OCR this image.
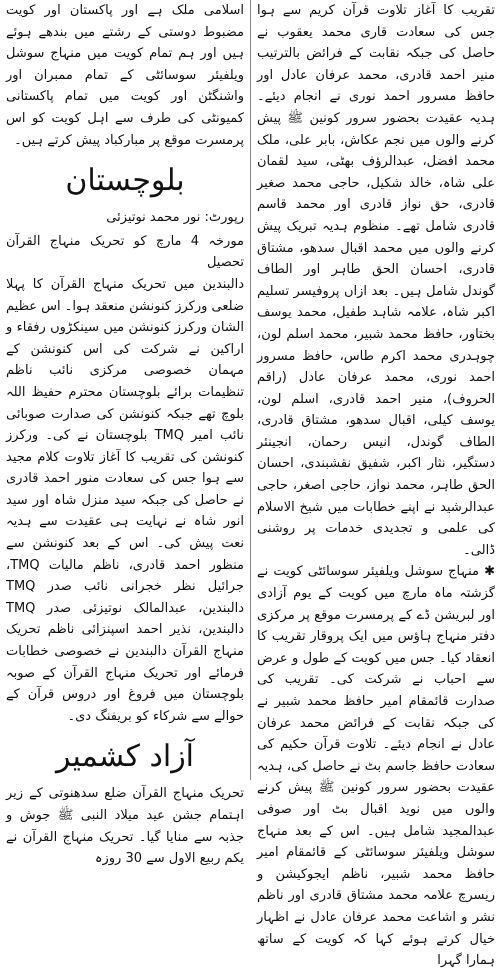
تقریب کا آغاز تلاوت قرآن کریم سے ہوا جس کی سعادت قاری محمد یعقوب نے حاصل کی جبکہ نقابت کے فرائض بالترتیب منیر احمد قادری، محمد عرفان عادل اور حافظ مسرور احمد نوری نے انجام دیئے۔ ہدیہ عقیدت بحضور سرور کونین ﷺ پیش کرنے والوں میں نجم عکاش، بابر علی، ملک محمد افضل، عبدالرؤف بھٹی، سید لقمان علی شاہ، خالد شکیل، حاجی محمد صغیر قادری، حق نواز قادری اور محمد قاسم قادری شامل تھے۔ منظوم ہدیہ تبریک پیش کرنے والوں میں محمد اقبال سدھو، مشتاق قادری، احسان الحق طاہر اور الطاف گوندل شامل ہیں۔ بعد ازاں پروفیسر تسلیم اکبر شاہ، علامہ شاہد طفیل، محمد یوسف بختاور، حافظ محمد شبیر، محمد اسلم لون، چوہدری محمد اکرم طاس، حافظ مسرور احمد نوری، محمد عرفان عادل (راقم الحروف)، منیر احمد قادری، اسلم لون، یوسف کیلی، اقبال سدھو، مشتاق قادری، الطاف گوندل، انیس رحمان، انجینئر دستگیر، نثار اکبر، شفیق نقشبندی، احسان الحق طاہر، محمد نواز، حاجی اصغر، حاجی عبدالرشید نے اپنے خطابات میں شیخ الاسلام کی علمی و تجدیدی خدمات پر روشنی ڈالی۔

✱ منہاج سوشل ویلفیئر سوسائٹی کویت نے گزشتہ ماہ مارچ میں کویت کے یوم آزادی اور لبریشن ڈے کے پرمسرت موقع پر مرکزی دفتر منہاج ہاؤس میں ایک پروقار تقریب کا انعقاد کیا۔ جس میں کویت کے طول و عرض سے احباب نے شرکت کی۔ تقریب کی صدارت قائمقام امیر حافظ محمد شبیر نے کی جبکہ نقابت کے فرائض محمد عرفان عادل نے انجام دیئے۔ تلاوت قرآن حکیم کی سعادت حافظ جاسم بٹ نے حاصل کی، ہدیہ عقیدت بحضور سرور کونین ﷺ پیش کرنے والوں میں نوید اقبال بٹ اور صوفی عبدالمجید شامل ہیں۔ اس کے بعد منہاج سوشل ویلفیئر سوسائٹی کے قائمقام امیر حافظ محمد شبیر، ناظم ایجوکیشن و ریسرچ علامہ محمد مشتاق قادری اور ناظم نشر و اشاعت محمد عرفان عادل نے اظہار خیال کرتے ہوئے کہا کہ کویت کے ساتھ ہمارا گہرا

اسلامی ملک ہے اور پاکستان اور کویت مضبوط دوستی کے رشتے میں بندھے ہوئے ہیں اور ہم تمام کویت میں منہاج سوشل ویلفیئر سوسائٹی کے تمام ممبران اور واشنگٹن اور کویت میں تمام پاکستانی کمیونٹی کی طرف سے اہل کویت کو اس پرمسرت موقع پر مبارکباد پیش کرتے ہیں۔

بلوچستان

رپورٹ: نور محمد نوتیزئی

مورخہ 4 مارچ کو تحریک منہاج القرآن تحصیل

دالبندین میں تحریک منہاج القرآن کا پہلا ضلعی ورکرز کنونشن منعقد ہوا۔ اس عظیم الشان ورکرز کنونشن میں سینکڑوں رفقاء و اراکین نے شرکت کی اس کنونشن کے مہمان خصوصی مرکزی نائب ناظم تنظیمات برائے بلوچستان محترم حفیظ اللہ بلوچ تھے جبکہ کنونشن کی صدارت صوبائی نائب امیر TMQ بلوچستان نے کی۔ ورکرز کنونشن کی تقریب کا آغاز تلاوت کلام مجید سے ہوا جس کی سعادت منور احمد قادری نے حاصل کی جبکہ سید منزل شاہ اور سید انور شاہ نے نہایت ہی عقیدت سے ہدیہ نعت پیش کی۔ اس کے بعد کنونشن سے منظور احمد قادری، ناظم مالیات TMQ، جرائیل نظر خجرانی نائب صدر TMQ دالبندین، عبدالمالک نوتیزئی صدر TMQ دالبندین، نذیر احمد اسپنزائی ناظم تحریک منہاج القرآن دالبندین نے خصوصی خطابات فرمائے اور تحریک منہاج القرآن کے صوبہ بلوچستان میں فروغ اور دروس قرآن کے حوالے سے شرکاء کو بریفنگ دی۔

آزاد کشمیر

تحریک منہاج القرآن ضلع سدھنوتی کے زیر اہتمام جشن عید میلاد النبی ﷺ جوش و جذبہ سے منایا گیا۔ تحریک منہاج القرآن نے یکم ربیع الاول سے 30 روزہ
